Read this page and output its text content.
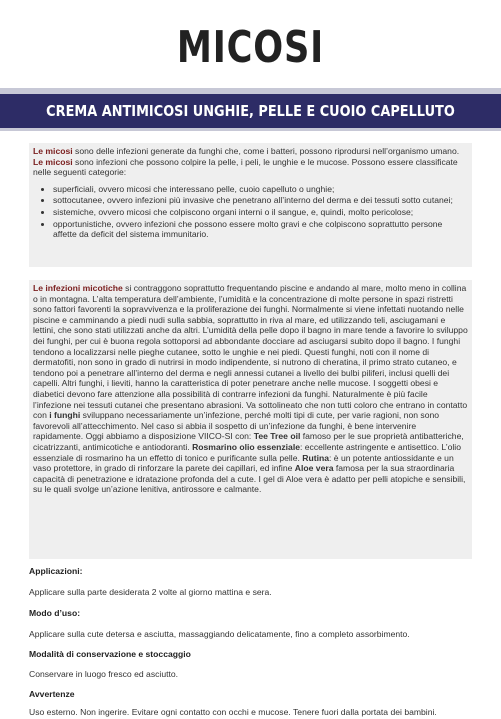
MICOSI
CREMA ANTIMICOSI UNGHIE, PELLE E CUOIO CAPELLUTO

Le micosi sono delle infezioni generate da funghi che, come i batteri, possono riprodursi nell’organismo umano. Le micosi sono infezioni che possono colpire la pelle, i peli, le unghie e le mucose. Possono essere classificate nelle seguenti categorie:

• superficiali, ovvero micosi che interessano pelle, cuoio capelluto o unghie;
• sottocutanee, ovvero infezioni più invasive che penetrano all’interno del derma e dei tessuti sotto cutanei;
• sistemiche, ovvero micosi che colpiscono organi interni o il sangue, e, quindi, molto pericolose;
• opportunistiche, ovvero infezioni che possono essere molto gravi e che colpiscono soprattutto persone affette da deficit del sistema immunitario.

Le infezioni micotiche si contraggono soprattutto frequentando piscine e andando al mare, molto meno in collina o in montagna. L’alta temperatura dell’ambiente, l’umidità e la concentrazione di molte persone in spazi ristretti sono fattori favorenti la sopravvivenza e la proliferazione dei funghi. Normalmente si viene infettati nuotando nelle piscine e camminando a piedi nudi sulla sabbia, soprattutto in riva al mare, ed utilizzando teli, asciugamani e lettini, che sono stati utilizzati anche da altri. L’umidità della pelle dopo il bagno in mare tende a favorire lo sviluppo dei funghi, per cui è buona regola sottoporsi ad abbondante docciare ad asciugarsi subito dopo il bagno. I funghi tendono a localizzarsi nelle pieghe cutanee, sotto le unghie e nei piedi. Questi funghi, noti con il nome di dermatofiti, non sono in grado di nutrirsi in modo indipendente, si nutrono di cheratina, il primo strato cutaneo, e tendono poi a penetrare all’interno del derma e negli annessi cutanei a livello dei bulbi piliferi, inclusi quelli dei capelli. Altri funghi, i lieviti, hanno la caratteristica di poter penetrare anche nelle mucose. I soggetti obesi e diabetici devono fare attenzione alla possibilità di contrarre infezioni da funghi. Naturalmente è più facile l’infezione nei tessuti cutanei che presentano abrasioni. Va sottolineato che non tutti coloro che entrano in contatto con i funghi sviluppano necessariamente un’infezione, perché molti tipi di cute, per varie ragioni, non sono favorevoli all’attecchimento. Nel caso si abbia il sospetto di un’infezione da funghi, è bene intervenire rapidamente. Oggi abbiamo a disposizione VIICO-SI con: Tee Tree oil famoso per le sue proprietà antibatteriche, cicatrizzanti, antimicotiche e antiodoranti. Rosmarino olio essenziale: eccellente astringente e antisettico. L’olio essenziale di rosmarino ha un effetto di tonico e purificante sulla pelle. Rutina: è un potente antiossidante e un vaso protettore, in grado di rinforzare la parete dei capillari, ed infine Aloe vera famosa per la sua straordinaria capacità di penetrazione e idratazione profonda del a cute. I gel di Aloe vera è adatto per pelli atopiche e sensibili, su le quali svolge un’azione lenitiva, antirossore e calmante.

Applicazioni:
Applicare sulla parte desiderata 2 volte al giorno mattina e sera.
Modo d’uso:
Applicare sulla cute detersa e asciutta, massaggiando delicatamente, fino a completo assorbimento.
Modalità di conservazione e stoccaggio
Conservare in luogo fresco ed asciutto.
Avvertenze
Uso esterno. Non ingerire. Evitare ogni contatto con occhi e mucose. Tenere fuori dalla portata dei bambini.
